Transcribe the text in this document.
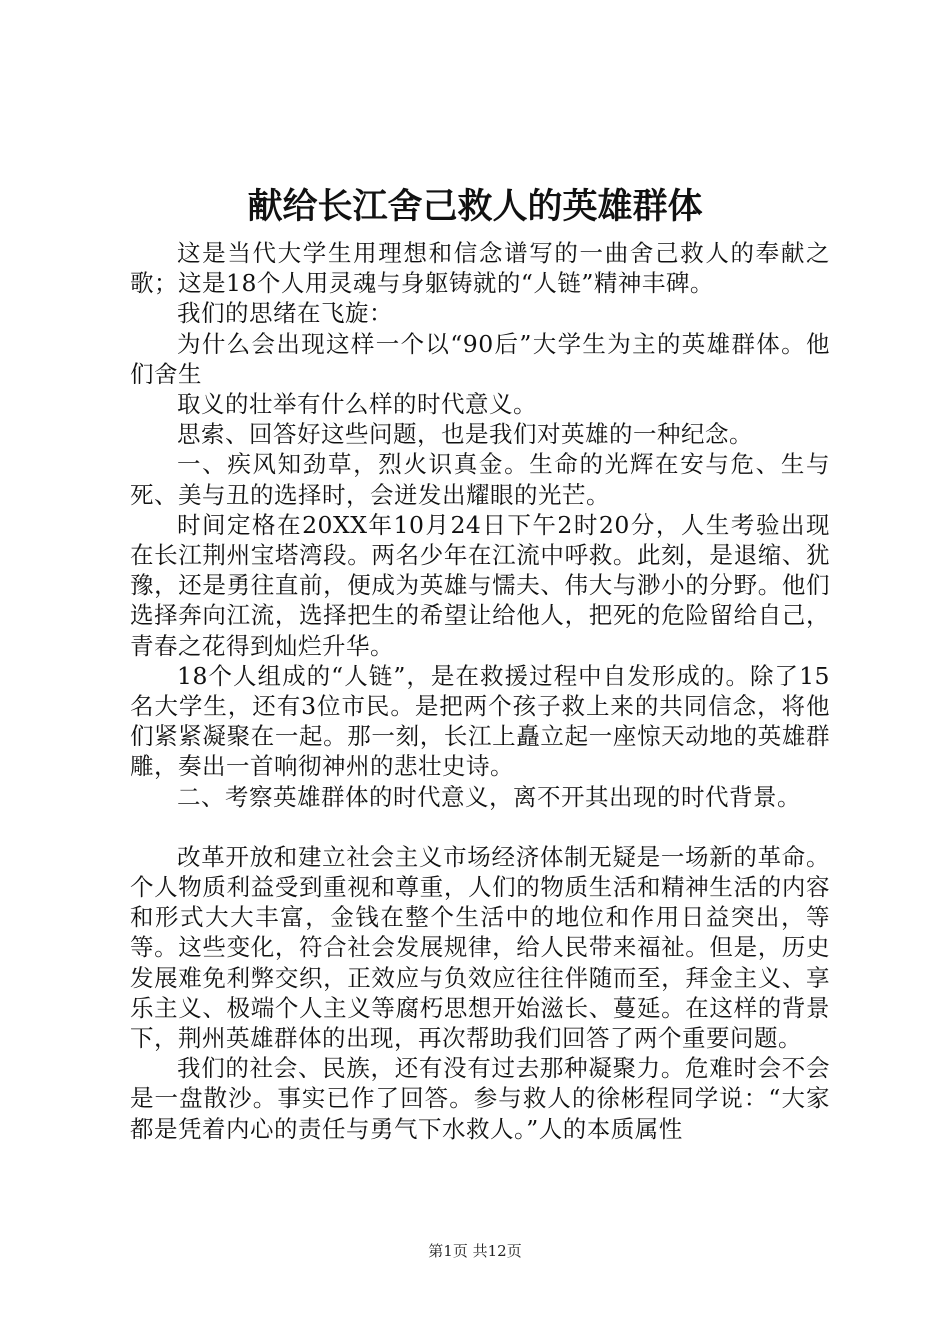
献给长江舍己救人的英雄群体

这是当代大学生用理想和信念谱写的一曲舍己救人的奉献之歌；这是18个人用灵魂与身躯铸就的“人链”精神丰碑。

我们的思绪在飞旋：

为什么会出现这样一个以“90后”大学生为主的英雄群体。他们舍生

取义的壮举有什么样的时代意义。

思索、回答好这些问题，也是我们对英雄的一种纪念。

一、疾风知劲草，烈火识真金。生命的光辉在安与危、生与死、美与丑的选择时，会迸发出耀眼的光芒。

时间定格在20XX年10月24日下午2时20分，人生考验出现在长江荆州宝塔湾段。两名少年在江流中呼救。此刻，是退缩、犹豫，还是勇往直前，便成为英雄与懦夫、伟大与渺小的分野。他们选择奔向江流，选择把生的希望让给他人，把死的危险留给自己，青春之花得到灿烂升华。

18个人组成的“人链”，是在救援过程中自发形成的。除了15名大学生，还有3位市民。是把两个孩子救上来的共同信念，将他们紧紧凝聚在一起。那一刻，长江上矗立起一座惊天动地的英雄群雕，奏出一首响彻神州的悲壮史诗。

二、考察英雄群体的时代意义，离不开其出现的时代背景。

改革开放和建立社会主义市场经济体制无疑是一场新的革命。个人物质利益受到重视和尊重，人们的物质生活和精神生活的内容和形式大大丰富，金钱在整个生活中的地位和作用日益突出，等等。这些变化，符合社会发展规律，给人民带来福祉。但是，历史发展难免利弊交织，正效应与负效应往往伴随而至，拜金主义、享乐主义、极端个人主义等腐朽思想开始滋长、蔓延。在这样的背景下，荆州英雄群体的出现，再次帮助我们回答了两个重要问题。

我们的社会、民族，还有没有过去那种凝聚力。危难时会不会是一盘散沙。事实已作了回答。参与救人的徐彬程同学说：“大家都是凭着内心的责任与勇气下水救人。”人的本质属性

第1页 共12页
